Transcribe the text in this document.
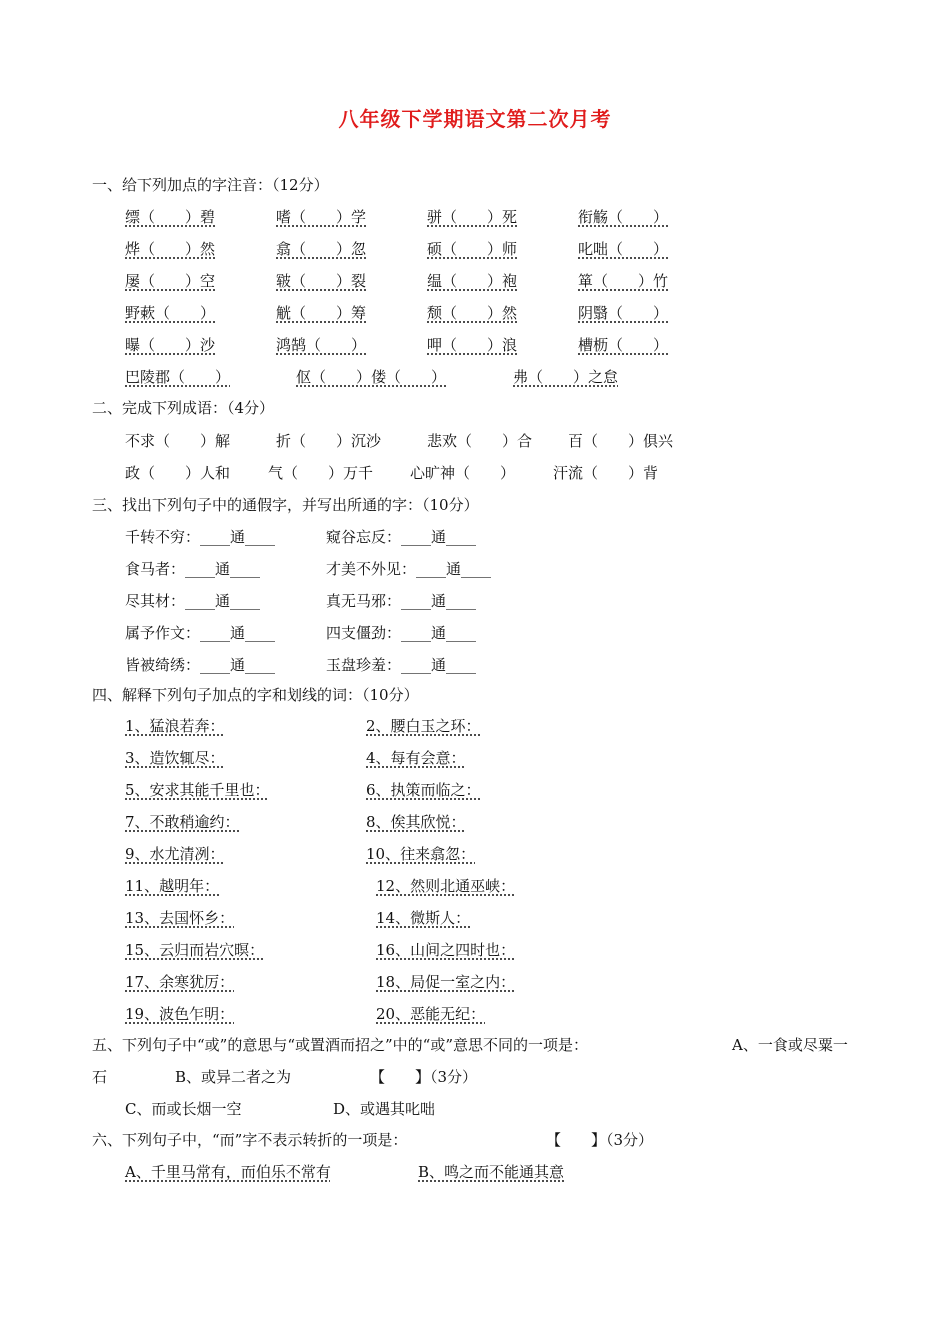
八年级下学期语文第二次月考
一、给下列加点的字注音：（12分）
缥（　　）碧	嗜（　　）学	骈（　　）死	衔觞（　　）
烨（　　）然	翕（　　）忽	硕（　　）师	叱咄（　　）
屡（　　）空	皲（　　）裂	缊（　　）袍	箪（　　）竹
野蔌（　　）	觥（　　）筹	颓（　　）然	阴翳（　　）
曝（　　）沙	鸿鹄（　　）	呷（　　）浪	槽枥（　　）
巴陵郡（　　）	伛（　　）偻（　　）	弗（　　）之怠
二、完成下列成语：（4分）
不求（　　）解	折（　　）沉沙	悲欢（　　）合 百（　　）俱兴
政（　　）人和	气（　　）万千 心旷神（　　）	汗流（　　）背
三、找出下列句子中的通假字，并写出所通的字：（10分）
千转不穷：____通____	窥谷忘反：____通____
食马者：____通____	才美不外见：____通____
尽其材：____通____	真无马邪：____通____
属予作文：____通____	四支僵劲：____通____
皆被绮绣：____通____	玉盘珍羞：____通____
四、解释下列句子加点的字和划线的词：（10分）
1、猛浪若奔：	2、腰白玉之环：
3、造饮辄尽：	4、每有会意：
5、安求其能千里也：	6、执策而临之：
7、不敢稍逾约：	8、俟其欣悦：
9、水尤清冽：	10、往来翕忽：
11、越明年：	12、然则北通巫峡：
13、去国怀乡：	14、微斯人：
15、云归而岩穴暝：	16、山间之四时也：
17、余寒犹厉：	18、局促一室之内：
19、波色乍明：	20、恶能无纪：
五、下列句子中“或”的意思与“或置酒而招之”中的“或”意思不同的一项是：	A、一食或尽粟一
石	B、或异二者之为	【　　】（3分）
C、而或长烟一空	D、或遇其叱咄
六、下列句子中，“而”字不表示转折的一项是：	【　　】（3分）
A、千里马常有，而伯乐不常有	B、鸣之而不能通其意
